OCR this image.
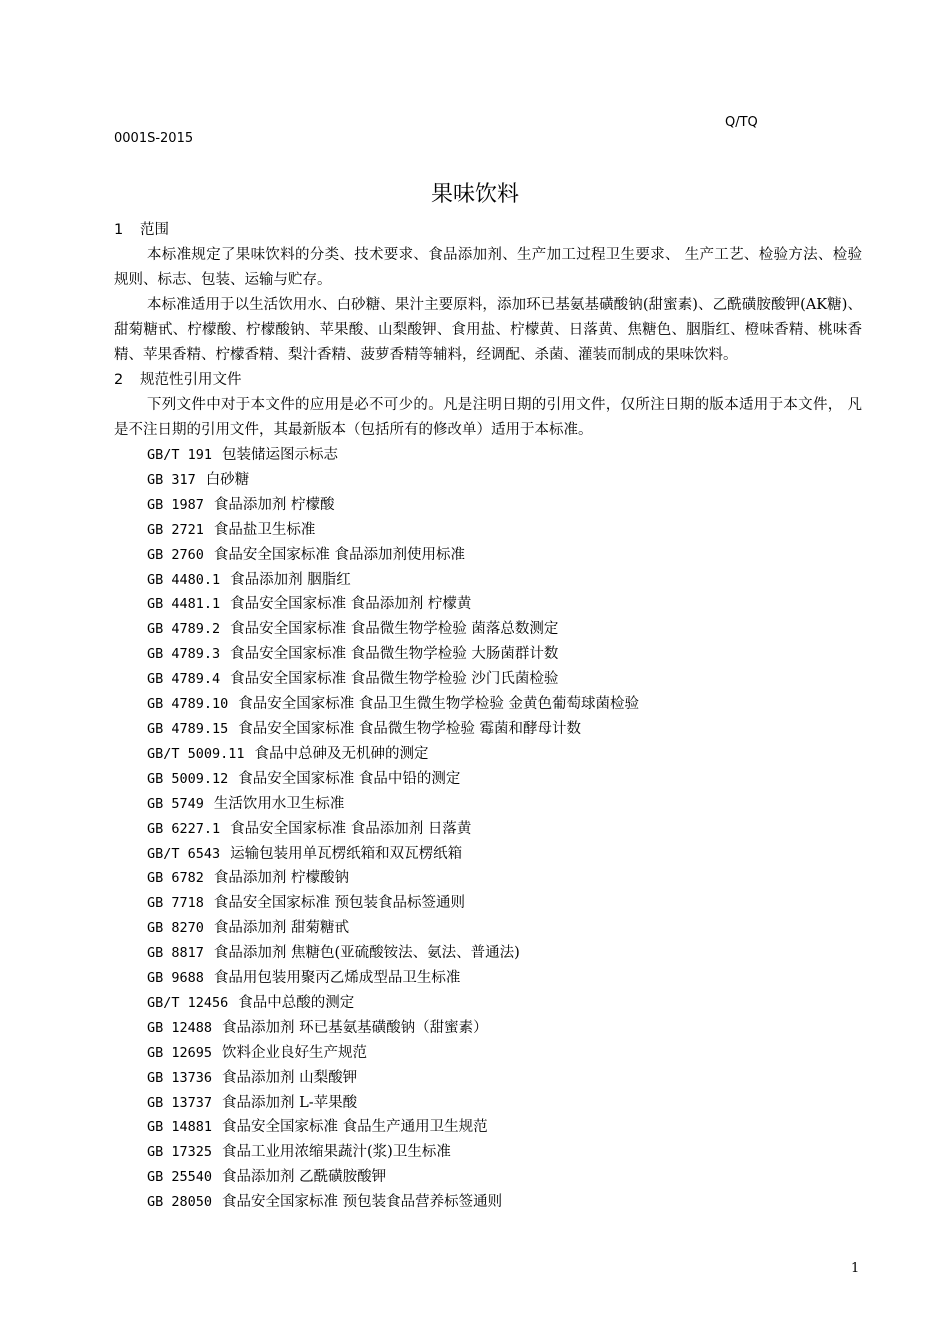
Q/TQ
0001S-2015
果味饮料

1 范围

本标准规定了果味饮料的分类、技术要求、食品添加剂、生产加工过程卫生要求、 生产工艺、检验方法、检验规则、标志、包装、运输与贮存。

本标准适用于以生活饮用水、白砂糖、果汁主要原料，添加环已基氨基磺酸钠(甜蜜素)、乙酰磺胺酸钾(AK糖)、甜菊糖甙、柠檬酸、柠檬酸钠、苹果酸、山梨酸钾、食用盐、柠檬黄、日落黄、焦糖色、胭脂红、橙味香精、桃味香精、苹果香精、柠檬香精、梨汁香精、菠萝香精等辅料，经调配、杀菌、灌装而制成的果味饮料。

2 规范性引用文件

下列文件中对于本文件的应用是必不可少的。凡是注明日期的引用文件，仅所注日期的版本适用于本文件， 凡是不注日期的引用文件，其最新版本（包括所有的修改单）适用于本标准。

GB/T 191 包装储运图示标志
GB 317 白砂糖
GB 1987 食品添加剂 柠檬酸
GB 2721 食品盐卫生标准
GB 2760 食品安全国家标准 食品添加剂使用标准
GB 4480.1 食品添加剂 胭脂红
GB 4481.1 食品安全国家标准 食品添加剂 柠檬黄
GB 4789.2 食品安全国家标准 食品微生物学检验 菌落总数测定
GB 4789.3 食品安全国家标准 食品微生物学检验 大肠菌群计数
GB 4789.4 食品安全国家标准 食品微生物学检验 沙门氏菌检验
GB 4789.10 食品安全国家标准 食品卫生微生物学检验 金黄色葡萄球菌检验
GB 4789.15 食品安全国家标准 食品微生物学检验 霉菌和酵母计数
GB/T 5009.11 食品中总砷及无机砷的测定
GB 5009.12 食品安全国家标准 食品中铅的测定
GB 5749 生活饮用水卫生标准
GB 6227.1 食品安全国家标准 食品添加剂 日落黄
GB/T 6543 运输包装用单瓦楞纸箱和双瓦楞纸箱
GB 6782 食品添加剂 柠檬酸钠
GB 7718 食品安全国家标准 预包装食品标签通则
GB 8270 食品添加剂 甜菊糖甙
GB 8817 食品添加剂 焦糖色(亚硫酸铵法、氨法、普通法)
GB 9688 食品用包装用聚丙乙烯成型品卫生标准
GB/T 12456 食品中总酸的测定
GB 12488 食品添加剂 环已基氨基磺酸钠（甜蜜素）
GB 12695 饮料企业良好生产规范
GB 13736 食品添加剂 山梨酸钾
GB 13737 食品添加剂 L-苹果酸
GB 14881 食品安全国家标准 食品生产通用卫生规范
GB 17325 食品工业用浓缩果蔬汁(浆)卫生标准
GB 25540 食品添加剂 乙酰磺胺酸钾
GB 28050 食品安全国家标准 预包装食品营养标签通则
1
